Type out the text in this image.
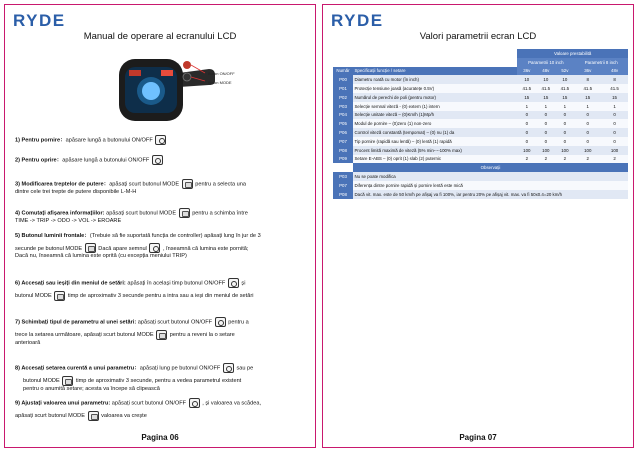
RYDE
Manual de operare al ecranului LCD
Buton ON/OFF
Buton MODE
1) Pentru pornire：apăsare lungă a butonului ON/OFF
2) Pentru oprire：apăsare lungă a butonului ON/OFF
3) Modificarea treptelor de putere：apăsați scurt butonul MODE	pentru a selecta una
dintre cele trei trepte de putere disponibile L-M-H
4) Comutați afișarea informațiilor: apăsați scurt butonul MODE	pentru a schimba între
TIME -> TRIP -> ODO -> VOL -> EROARE
5) Butonul luminii frontale：(Trebuie să fie suportată funcția de controller) apăsați lung în jur de 3
secunde pe butonul MODE	Dacă apare semnul	, înseamnă că lumina este pornită;
Dacă nu, înseamnă că lumina este oprită (cu excepția meniului TRIP)
6) Accesați sau ieșiți din meniul de setări: apăsați în același timp butonul ON/OFF	și
butonul MODE	timp de aproximativ 3 secunde pentru a intra sau a ieși din meniul de setări
7) Schimbați tipul de parametru al unei setări: apăsați scurt butonul ON/OFF	pentru a
trece la setarea următoare, apăsați scurt butonul MODE	pentru a reveni la o setare
anterioară
8) Accesați setarea curentă a unui parametru：apăsați lung pe butonul ON/OFF	sau pe
butonul MODE	timp de aproximativ 3 secunde, pentru a vedea parametrul existent
pentru o anumită setare; acesta va începe să clipească
9) Ajustați valoarea unui parametru: apăsați scurt butonul ON/OFF	, și valoarea va scădea,
apăsați scurt butonul MODE	valoarea va crește
Pagina 06
RYDE
Valori parametrii ecran LCD
		Valoare prestabilită				
		Parametrii 10 inch			Parametrii 8 inch	
Număr	Specificații funcție / setare	36v	48v	52v	36v	48v
P00	Diametru roată cu motor (în inch)	10	10	10	8	8
P01	Protecție tensiune joasă (acuratețe 0.5V)	41.5	41.5	41.5	41.5	41.5
P02	Numărul de perechi de poli (pentru motor)	15	15	15	15	15
P03	Selecție semnal viteză - (0) extern (1) intern	1	1	1	1	1
P04	Selecție unitate viteză – (0)Km/h (1)Mp/h	0	0	0	0	0
P05	Modul de pornire – (0)zero (1) non-zero	0	0	0	0	0
P06	Control viteză constantă (tempomat) – (0) nu (1) da	0	0	0	0	0
P07	Tip pornire (rapidă sau lentă) – (0) lentă (1) rapidă	0	0	0	0	0
P08	Procent limită maximă de viteză (5% min----100% max)	100	100	100	100	100
P09	Setare E-ABS – (0) oprit (1) slab (2) puternic	2	2	2	2	2
	Observații					
P03	Nu se poate modifica					
P07	Diferența dintre pornire rapidă și pornire lentă este mică					
P08	Dacă vit. max. este de 50 km/h pe afișaj va fi 100%, iar pentru 20% pe afișaj vit. max. va fi 50x0.4=20 km/h					
Pagina 07
